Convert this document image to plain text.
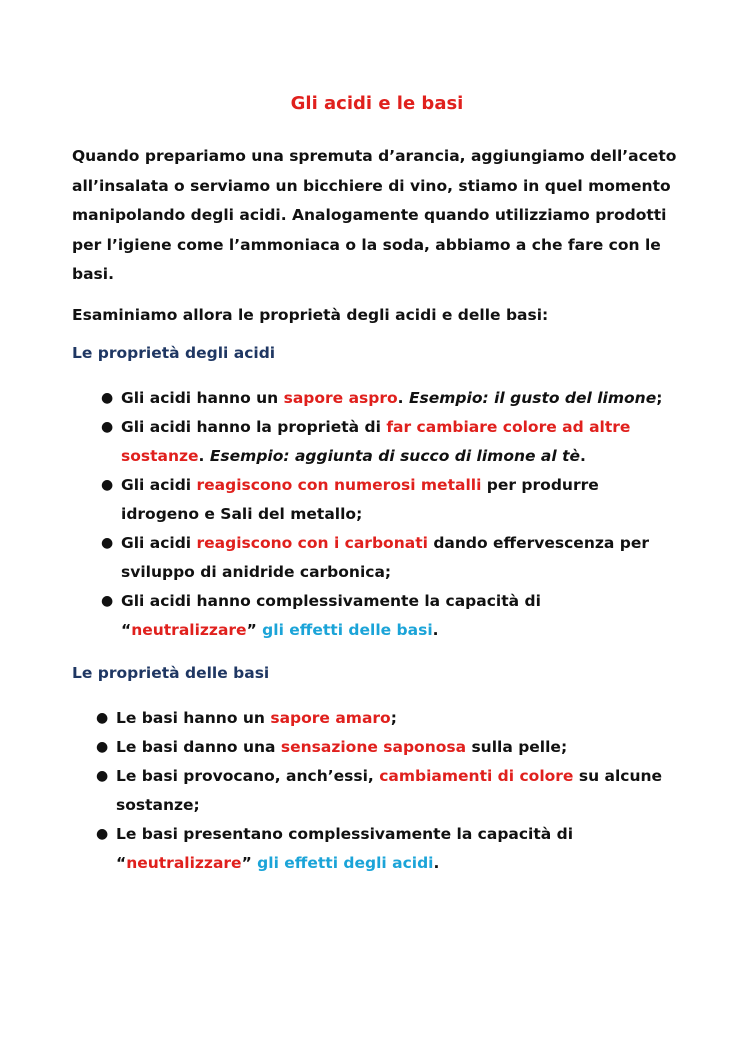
Gli acidi e le basi

Quando prepariamo una spremuta d’arancia, aggiungiamo dell’aceto all’insalata o serviamo un bicchiere di vino, stiamo in quel momento manipolando degli acidi. Analogamente quando utilizziamo prodotti per l’igiene come l’ammoniaca o la soda, abbiamo a che fare con le basi.

Esaminiamo allora le proprietà degli acidi e delle basi:

Le proprietà degli acidi
● Gli acidi hanno un sapore aspro. Esempio: il gusto del limone;
● Gli acidi hanno la proprietà di far cambiare colore ad altre sostanze. Esempio: aggiunta di succo di limone al tè.
● Gli acidi reagiscono con numerosi metalli per produrre idrogeno e Sali del metallo;
● Gli acidi reagiscono con i carbonati dando effervescenza per sviluppo di anidride carbonica;
● Gli acidi hanno complessivamente la capacità di “neutralizzare” gli effetti delle basi.
Le proprietà delle basi
● Le basi hanno un sapore amaro;
● Le basi danno una sensazione saponosa sulla pelle;
● Le basi provocano, anch’essi, cambiamenti di colore su alcune sostanze;
● Le basi presentano complessivamente la capacità di “neutralizzare” gli effetti degli acidi.
